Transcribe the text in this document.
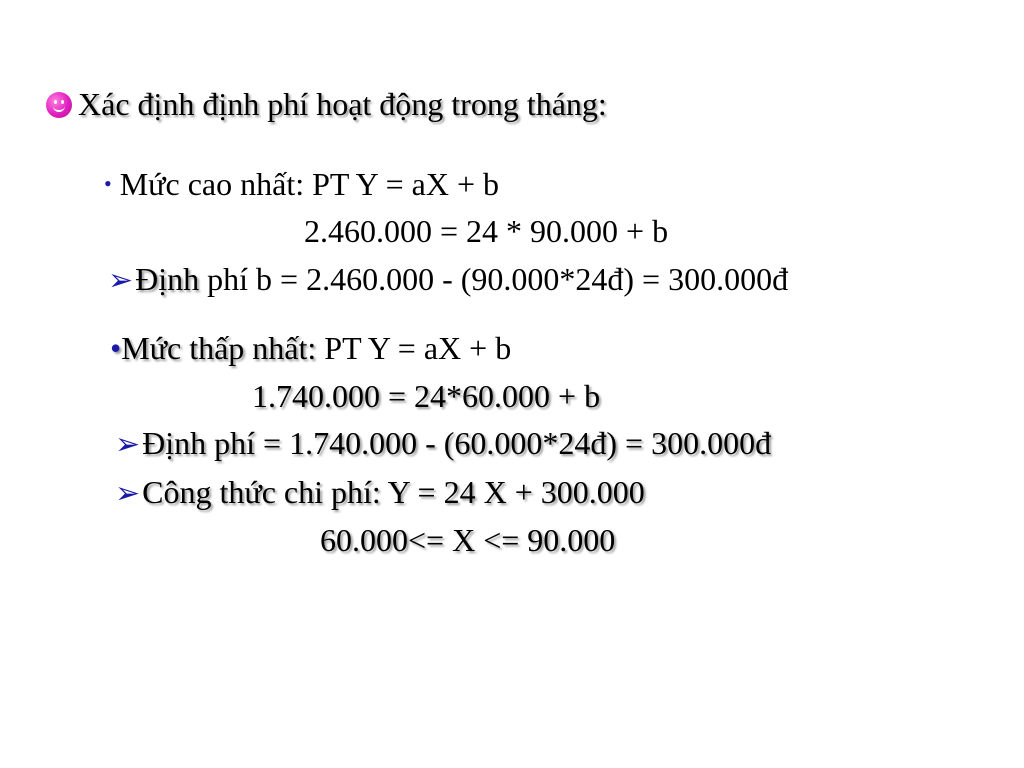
Xác định định phí hoạt động trong tháng:
• Mức cao nhất: PT Y = aX + b
2.460.000 = 24 * 90.000 + b
➢Định phí b = 2.460.000 - (90.000*24đ) = 300.000đ
•Mức thấp nhất: PT Y = aX + b
1.740.000 = 24*60.000 + b
➢Định phí = 1.740.000 - (60.000*24đ) = 300.000đ
➢Công thức chi phí: Y = 24 X + 300.000
60.000<= X <= 90.000
